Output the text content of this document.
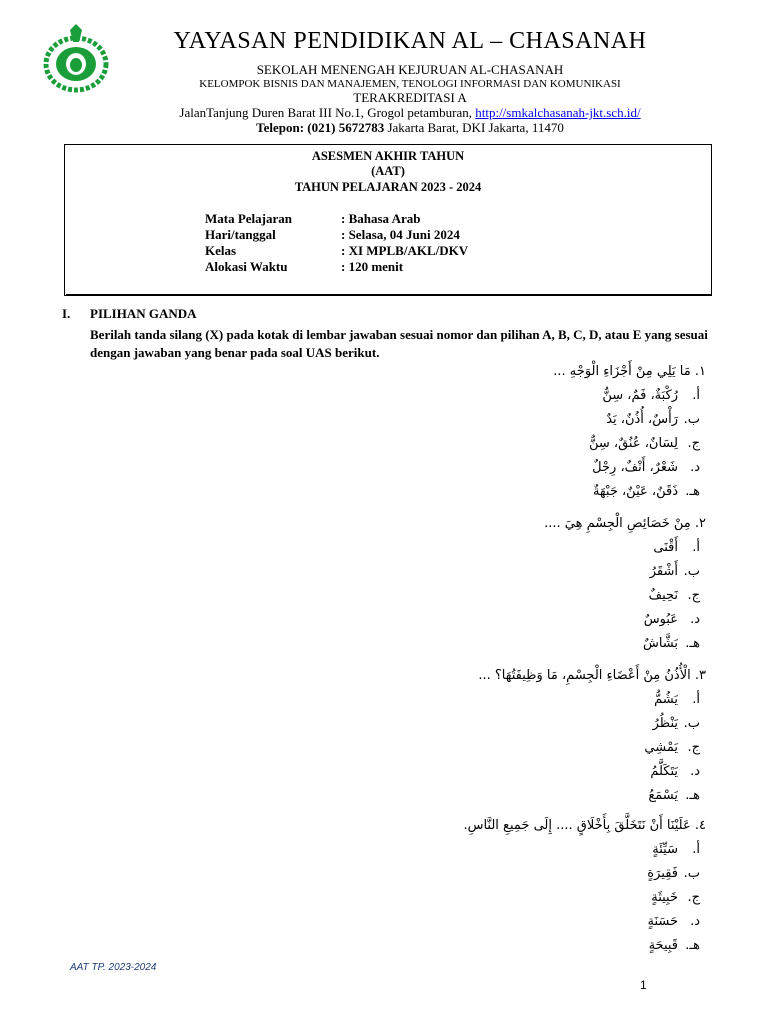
YAYASAN PENDIDIKAN AL – CHASANAH
SEKOLAH MENENGAH KEJURUAN AL-CHASANAH
KELOMPOK BISNIS DAN MANAJEMEN, TENOLOGI INFORMASI DAN KOMUNIKASI
TERAKREDITASI A
JalanTanjung Duren Barat III No.1, Grogol petamburan, http://smkalchasanah-jkt.sch.id/
Telepon: (021) 5672783 Jakarta Barat, DKI Jakarta, 11470
ASESMEN AKHIR TAHUN
(AAT)
TAHUN PELAJARAN 2023 - 2024
Mata Pelajaran	: Bahasa Arab
Hari/tanggal	: Selasa, 04 Juni 2024
Kelas	: XI MPLB/AKL/DKV
Alokasi Waktu	: 120 menit
I. PILIHAN GANDA
Berilah tanda silang (X) pada kotak di lembar jawaban sesuai nomor dan pilihan A, B, C, D, atau E yang sesuai dengan jawaban yang benar pada soal UAS berikut.
١. مَا يَلِي مِنْ أَجْزَاءِ الْوَجْهِ ...
أ.رُكْبَةٌ، فَمٌ، سِنٌّ
ب.رَأْسٌ، أُذُنٌ، يَدٌ
ج.لِسَانٌ، عُنُقٌ، سِنٌّ
د.شَعْرٌ، أَنْفٌ، رِجْلٌ
هـ.ذَقَنٌ، عَيْنٌ، جَبْهَةٌ
٢. مِنْ خَصَائِصِ الْجِسْمِ هِيَ ....
أ.أَقْنَى
ب.أَشْقَرُ
ج.نَحِيفٌ
د.عَبُوسٌ
هـ.بَشَّاشٌ
٣. الْأُذُنُ مِنْ أَعْضَاءِ الْجِسْمِ، مَا وَظِيفَتُهَا؟ ...
أ.يَشُمُّ
ب.يَنْظُرُ
ج.يَمْشِي
د.يَتَكَلَّمُ
هـ.يَسْمَعُ
٤. عَلَيْنَا أَنْ نَتَخَلَّقَ بِأَخْلَاقٍ .... إِلَى جَمِيعِ النَّاسِ.
أ.سَيِّئَةٍ
ب.فَقِيرَةٍ
ج.خَبِيثَةٍ
د.حَسَنَةٍ
هـ.قَبِيحَةٍ
AAT TP. 2023-2024
1
